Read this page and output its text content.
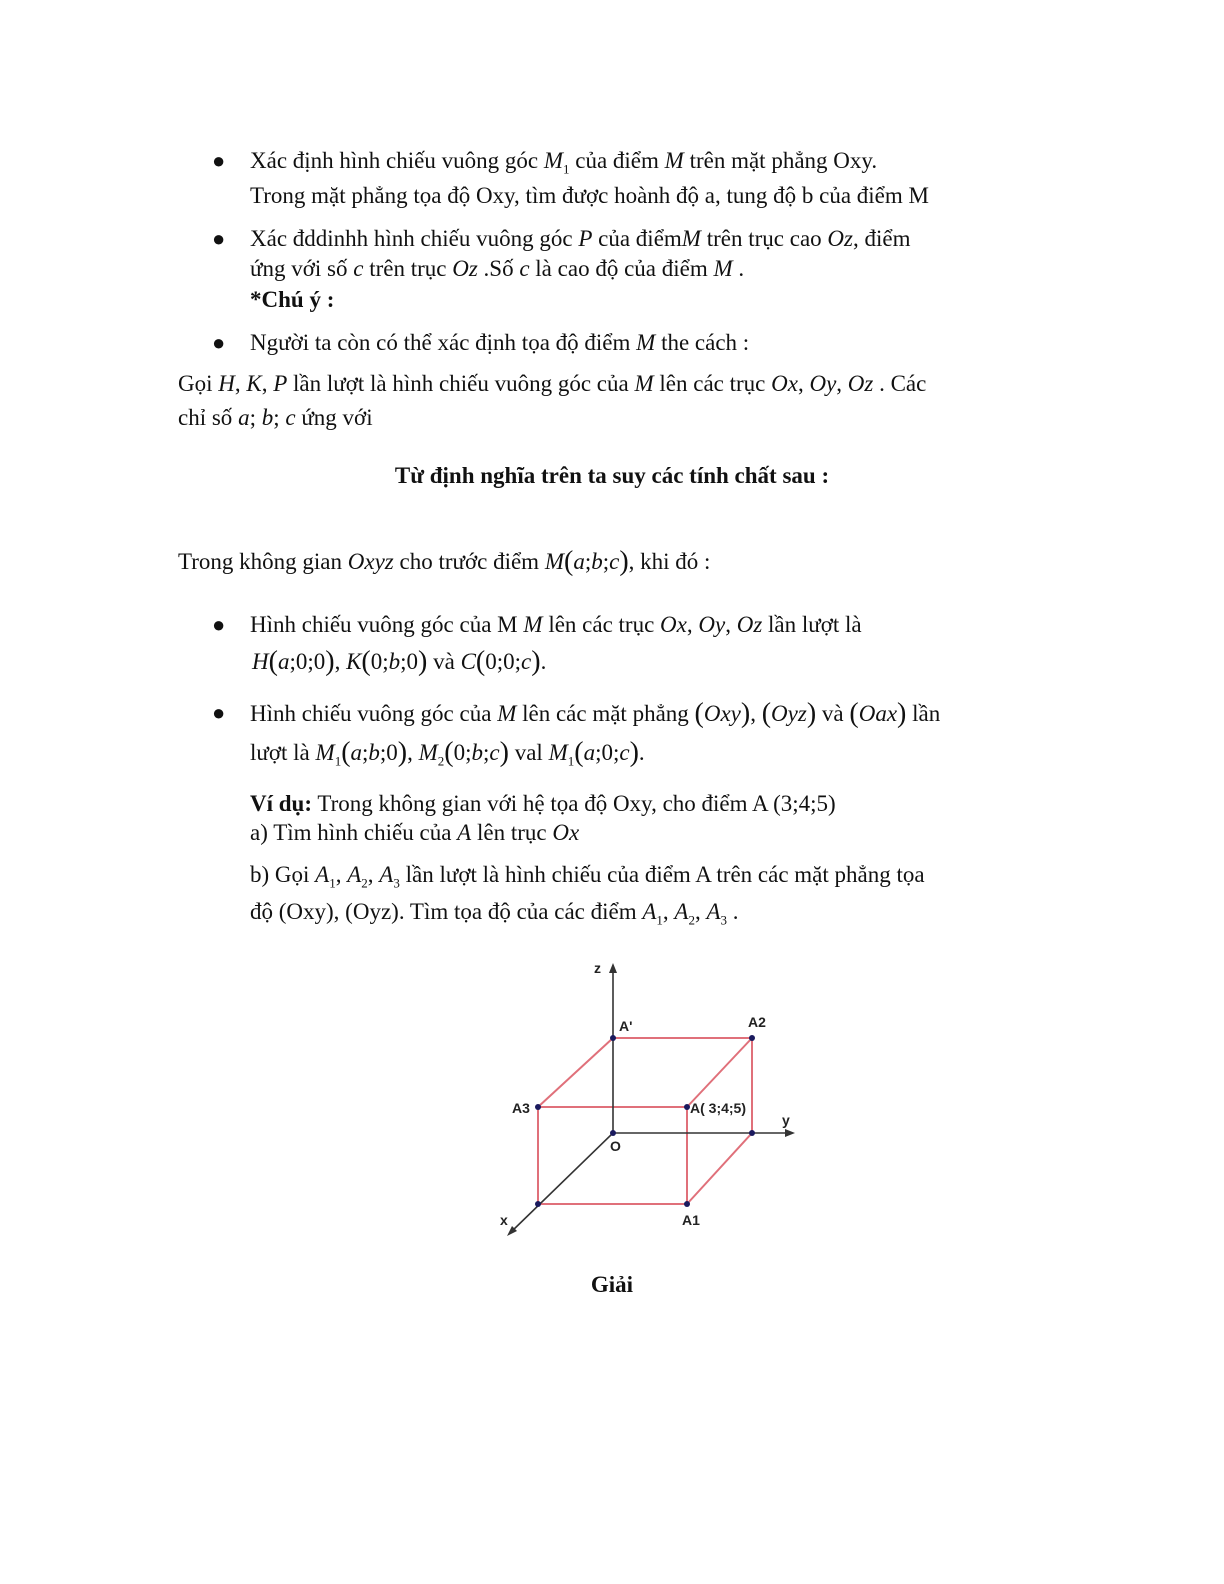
● Xác định hình chiếu vuông góc $M_1$ của điểm M trên mặt phẳng Oxy.
Trong mặt phẳng tọa độ Oxy, tìm được hoành độ a, tung độ b của điểm M
● Xác đddinhh hình chiếu vuông góc P của điểmM trên trục cao Oz, điểm
ứng với số c trên trục Oz .Số c là cao độ của điểm M .
*Chú ý :
● Người ta còn có thể xác định tọa độ điểm M the cách :
Gọi H, K, P lần lượt là hình chiếu vuông góc của M lên các trục Ox, Oy, Oz . Các
chỉ số a; b; c ứng với
Từ định nghĩa trên ta suy các tính chất sau :
Trong không gian Oxyz cho trước điểm M(a;b;c), khi đó :
● Hình chiếu vuông góc của M M lên các trục Ox, Oy, Oz lần lượt là
H(a;0;0), K(0;b;0) và C(0;0;c).
● Hình chiếu vuông góc của M lên các mặt phẳng (Oxy), (Oyz) và (Oax) lần
lượt là $M_1(a;b;0)$, $M_2(0;b;c)$ val $M_1(a;0;c)$.
Ví dụ: Trong không gian với hệ tọa độ Oxy, cho điểm A (3;4;5)
a) Tìm hình chiếu của A lên trục Ox
b) Gọi $A_1$, $A_2$, $A_3$ lần lượt là hình chiếu của điểm A trên các mặt phẳng tọa
độ (Oxy), (Oyz). Tìm tọa độ của các điểm $A_1$, $A_2$, $A_3$ .
z
y
x
O
A'	A2
A3	A( 3;4;5)
A1
Giải
